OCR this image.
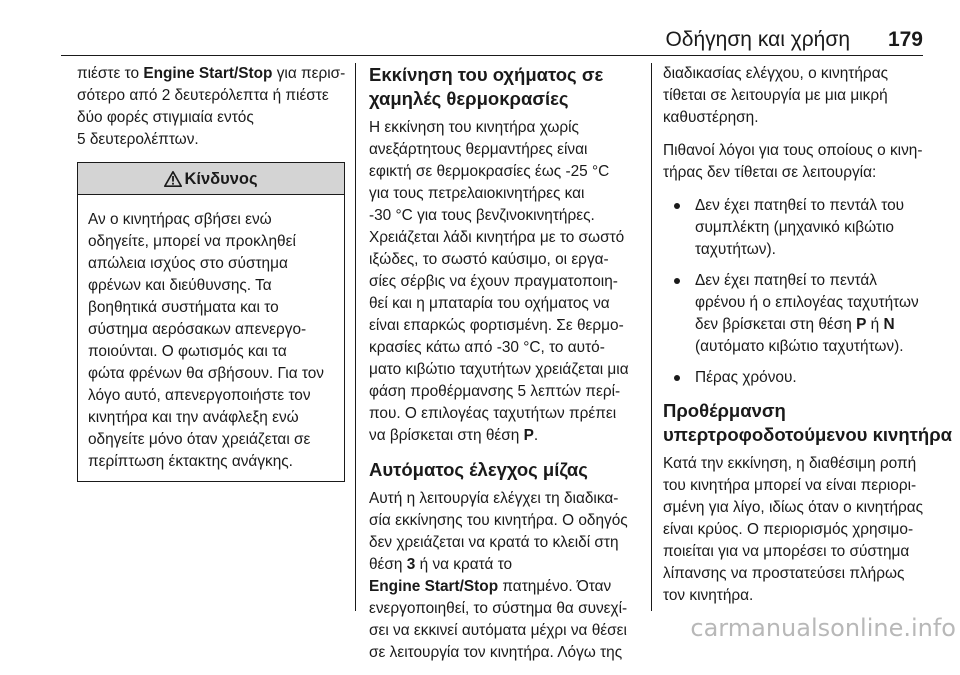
Οδήγηση και χρήση 179

πιέστε το Engine Start/Stop για περισ-
σότερο από 2 δευτερόλεπτα ή πιέστε
δύο φορές στιγμιαία εντός
5 δευτερολέπτων.

Κίνδυνος
Αν ο κινητήρας σβήσει ενώ
οδηγείτε, μπορεί να προκληθεί
απώλεια ισχύος στο σύστημα
φρένων και διεύθυνσης. Τα
βοηθητικά συστήματα και το
σύστημα αερόσακων απενεργο-
ποιούνται. Ο φωτισμός και τα
φώτα φρένων θα σβήσουν. Για τον
λόγο αυτό, απενεργοποιήστε τον
κινητήρα και την ανάφλεξη ενώ
οδηγείτε μόνο όταν χρειάζεται σε
περίπτωση έκτακτης ανάγκης.
Εκκίνηση του οχήματος σε
χαμηλές θερμοκρασίες

Η εκκίνηση του κινητήρα χωρίς
ανεξάρτητους θερμαντήρες είναι
εφικτή σε θερμοκρασίες έως -25 °C
για τους πετρελαιοκινητήρες και
-30 °C για τους βενζινοκινητήρες.
Χρειάζεται λάδι κινητήρα με το σωστό
ιξώδες, το σωστό καύσιμο, οι εργα-
σίες σέρβις να έχουν πραγματοποιη-
θεί και η μπαταρία του οχήματος να
είναι επαρκώς φορτισμένη. Σε θερμο-
κρασίες κάτω από -30 °C, το αυτό-
ματο κιβώτιο ταχυτήτων χρειάζεται μια
φάση προθέρμανσης 5 λεπτών περί-
που. Ο επιλογέας ταχυτήτων πρέπει
να βρίσκεται στη θέση P.

Αυτόματος έλεγχος μίζας

Αυτή η λειτουργία ελέγχει τη διαδικα-
σία εκκίνησης του κινητήρα. Ο οδηγός
δεν χρειάζεται να κρατά το κλειδί στη
θέση 3 ή να κρατά το
Engine Start/Stop πατημένο. Όταν
ενεργοποιηθεί, το σύστημα θα συνεχί-
σει να εκκινεί αυτόματα μέχρι να θέσει
σε λειτουργία τον κινητήρα. Λόγω της

διαδικασίας ελέγχου, ο κινητήρας
τίθεται σε λειτουργία με μια μικρή
καθυστέρηση.

Πιθανοί λόγοι για τους οποίους ο κινη-
τήρας δεν τίθεται σε λειτουργία:

Δεν έχει πατηθεί το πεντάλ του
συμπλέκτη (μηχανικό κιβώτιο
ταχυτήτων).
Δεν έχει πατηθεί το πεντάλ
φρένου ή ο επιλογέας ταχυτήτων
δεν βρίσκεται στη θέση P ή N
(αυτόματο κιβώτιο ταχυτήτων).
Πέρας χρόνου.
Προθέρμανση
υπερτροφοδοτούμενου κινητήρα

Κατά την εκκίνηση, η διαθέσιμη ροπή
του κινητήρα μπορεί να είναι περιορι-
σμένη για λίγο, ιδίως όταν ο κινητήρας
είναι κρύος. Ο περιορισμός χρησιμο-
ποιείται για να μπορέσει το σύστημα
λίπανσης να προστατεύσει πλήρως
τον κινητήρα.

carmanualsonline.info
